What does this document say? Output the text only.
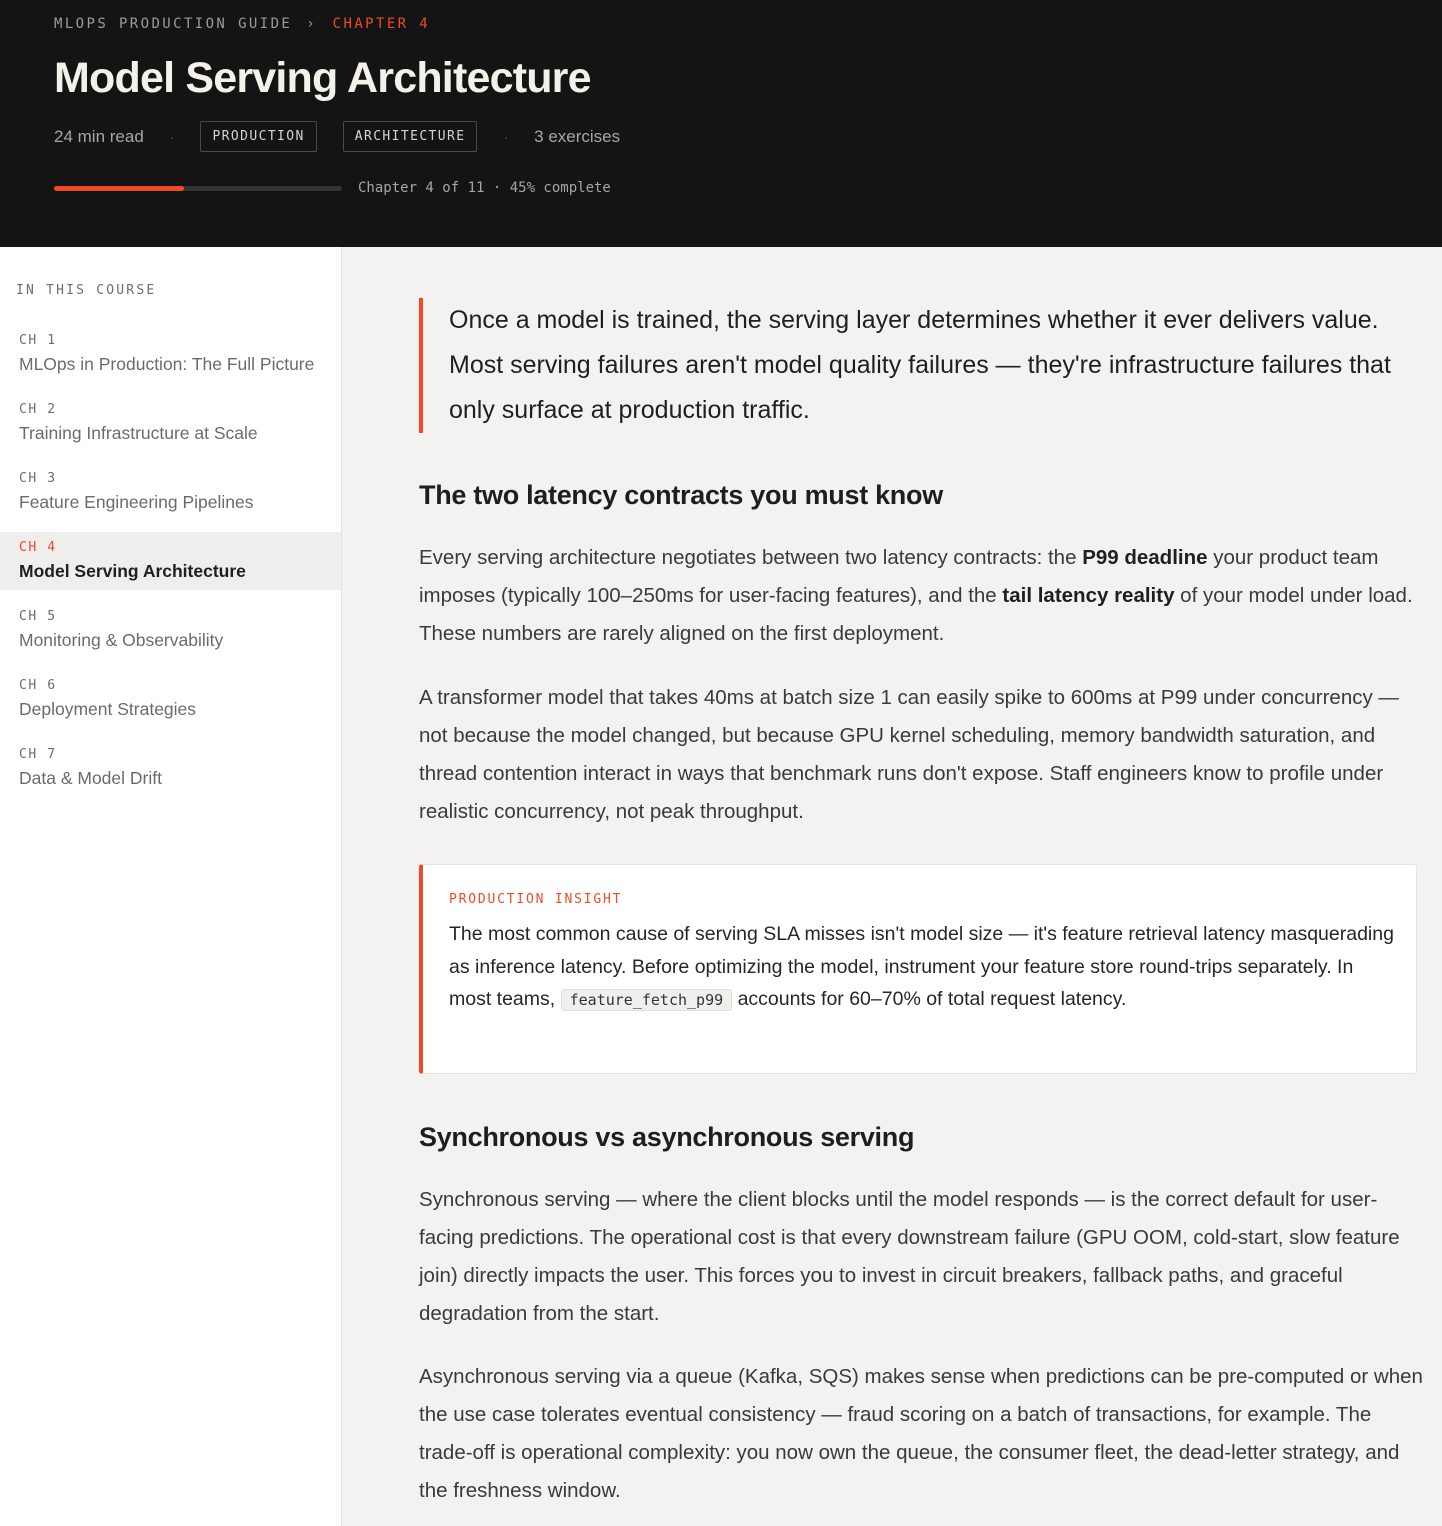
MLOPS PRODUCTION GUIDE › CHAPTER 4
Model Serving Architecture
24 min read ·	PRODUCTION	ARCHITECTURE	· 3 exercises
Chapter 4 of 11 · 45% complete
IN THIS COURSE
CH 1
MLOps in Production: The Full Picture
CH 2
Training Infrastructure at Scale
CH 3
Feature Engineering Pipelines
CH 4
Model Serving Architecture
CH 5
Monitoring & Observability
CH 6
Deployment Strategies
CH 7
Data & Model Drift
Once a model is trained, the serving layer determines whether it ever delivers value. Most serving failures aren't model quality failures — they're infrastructure failures that only surface at production traffic.
The two latency contracts you must know

Every serving architecture negotiates between two latency contracts: the P99 deadline your product team imposes (typically 100–250ms for user-facing features), and the tail latency reality of your model under load. These numbers are rarely aligned on the first deployment.

A transformer model that takes 40ms at batch size 1 can easily spike to 600ms at P99 under concurrency — not because the model changed, but because GPU kernel scheduling, memory bandwidth saturation, and thread contention interact in ways that benchmark runs don't expose. Staff engineers know to profile under realistic concurrency, not peak throughput.

PRODUCTION INSIGHT
The most common cause of serving SLA misses isn't model size — it's feature retrieval latency masquerading as inference latency. Before optimizing the model, instrument your feature store round-trips separately. In most teams, feature_fetch_p99 accounts for 60–70% of total request latency.
Synchronous vs asynchronous serving

Synchronous serving — where the client blocks until the model responds — is the correct default for user-facing predictions. The operational cost is that every downstream failure (GPU OOM, cold-start, slow feature join) directly impacts the user. This forces you to invest in circuit breakers, fallback paths, and graceful degradation from the start.

Asynchronous serving via a queue (Kafka, SQS) makes sense when predictions can be pre-computed or when the use case tolerates eventual consistency — fraud scoring on a batch of transactions, for example. The trade-off is operational complexity: you now own the queue, the consumer fleet, the dead-letter strategy, and the freshness window.
